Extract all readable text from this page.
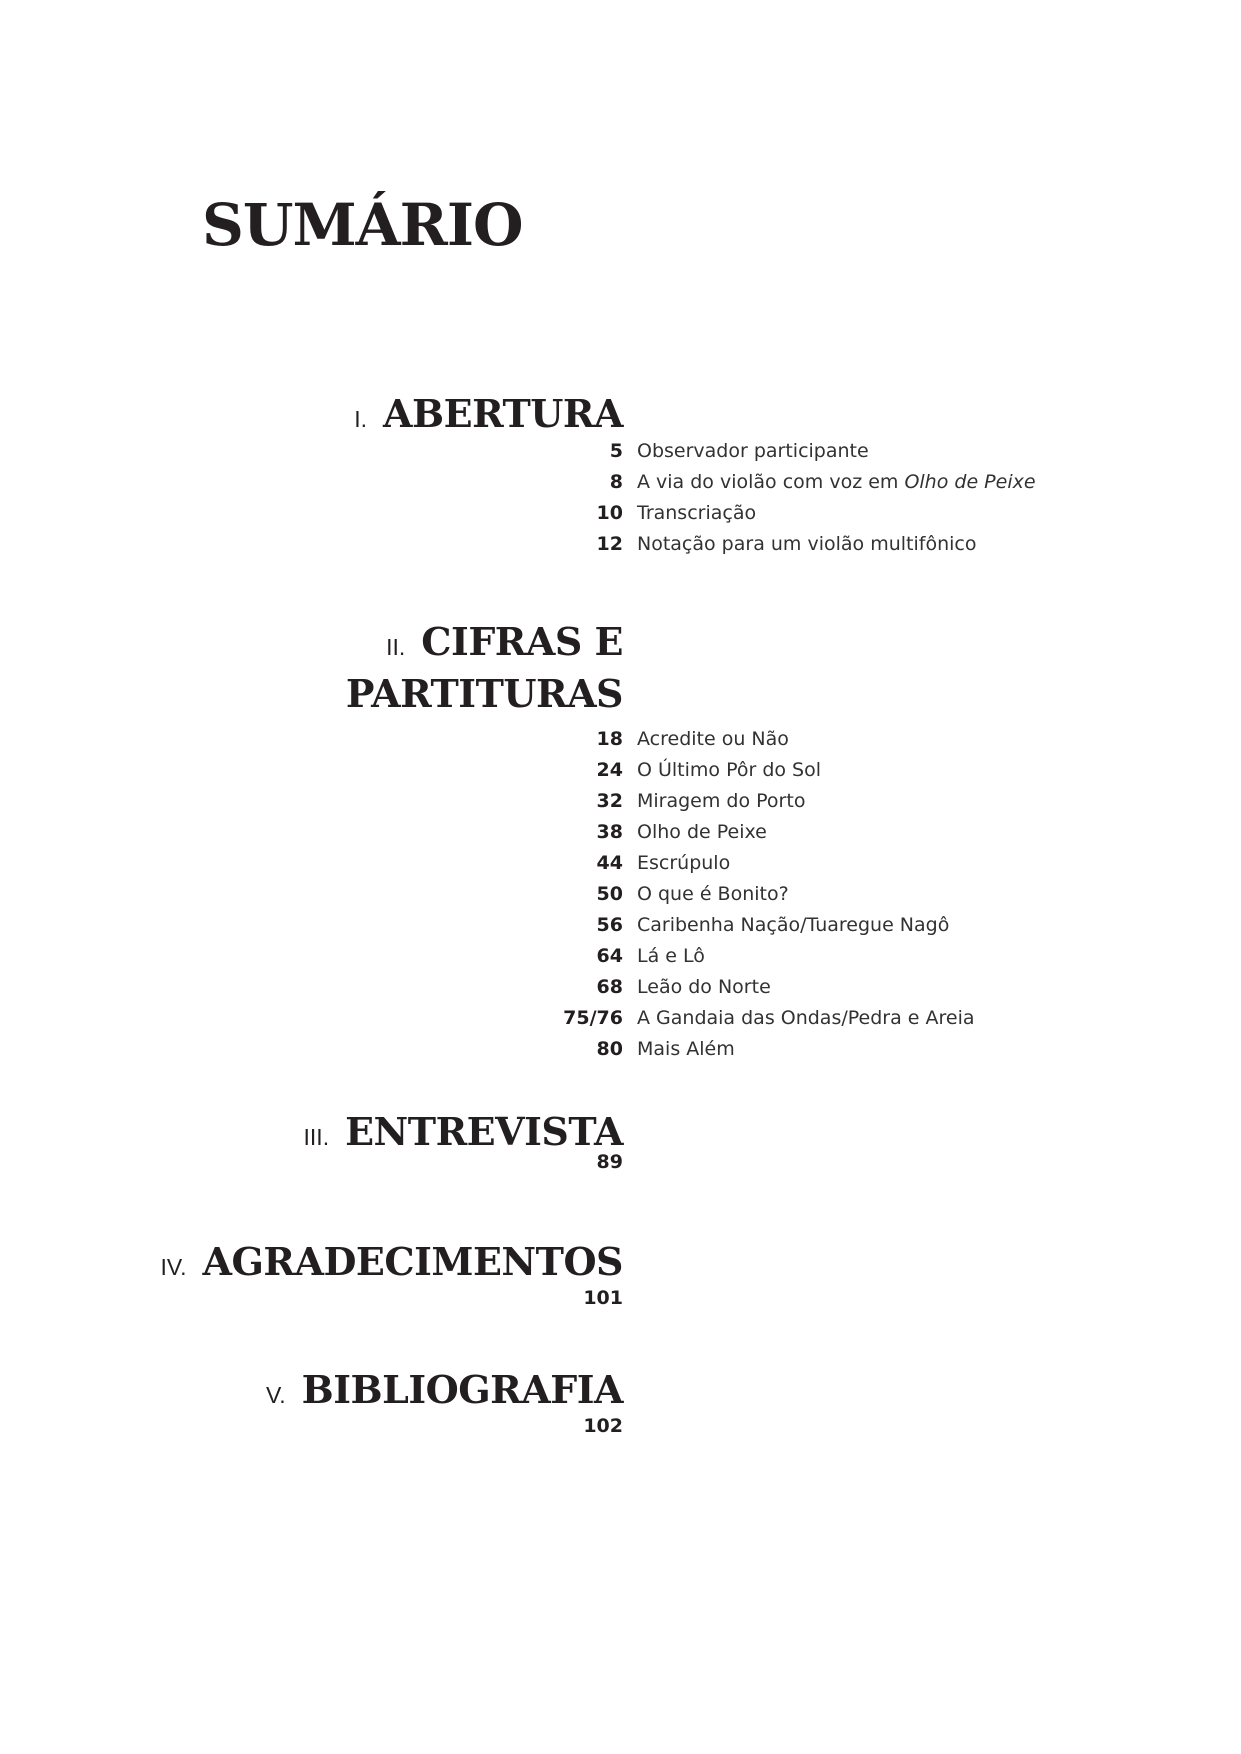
SUMÁRIO
I. ABERTURA
5 Observador participante
8 A via do violão com voz em Olho de Peixe
10 Transcriação
12 Notação para um violão multifônico
II. CIFRAS E
PARTITURAS
18 Acredite ou Não
24 O Último Pôr do Sol
32 Miragem do Porto
38 Olho de Peixe
44 Escrúpulo
50 O que é Bonito?
56 Caribenha Nação/Tuaregue Nagô
64 Lá e Lô
68 Leão do Norte
75/76 A Gandaia das Ondas/Pedra e Areia
80 Mais Além
III. ENTREVISTA
89
IV. AGRADECIMENTOS
101
V. BIBLIOGRAFIA
102
